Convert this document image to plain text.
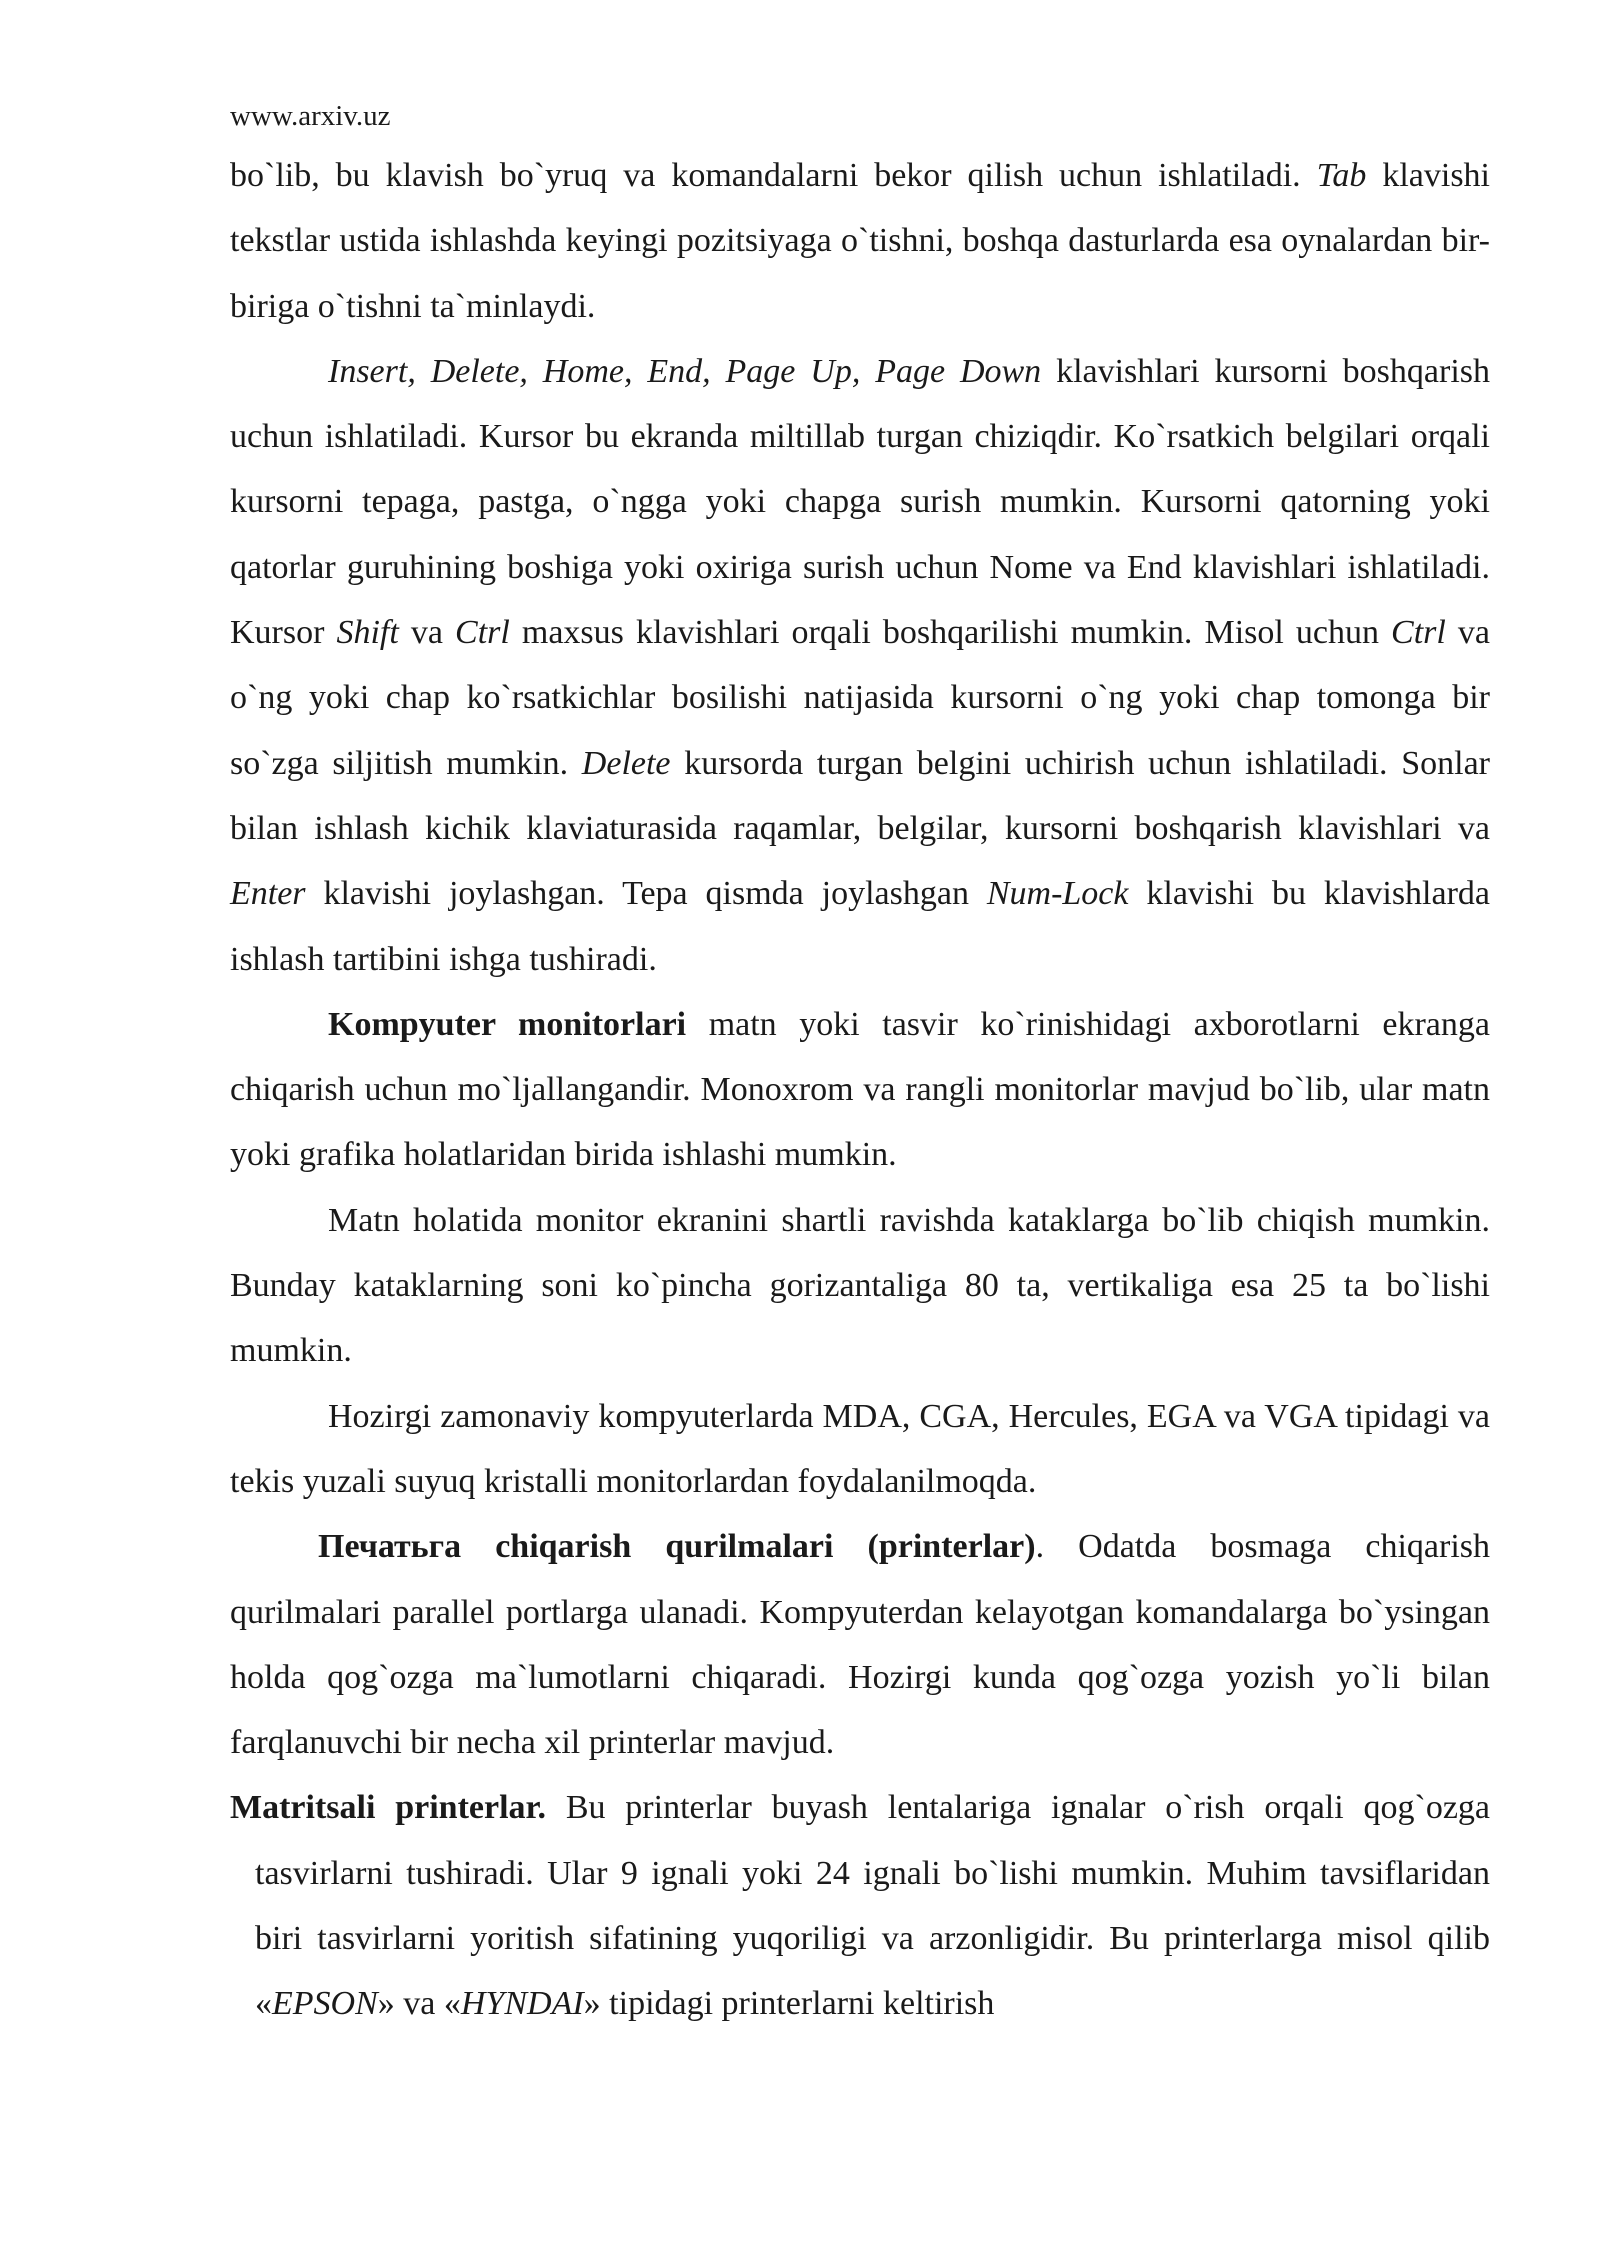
www.arxiv.uz

bo`lib, bu klavish bo`yruq va komandalarni bekor qilish uchun ishlatiladi. Tab klavishi tekstlar ustida ishlashda keyingi pozitsiyaga o`tishni, boshqa dasturlarda esa oynalardan bir-biriga o`tishni ta`minlaydi.

Insert, Delete, Home, End, Page Up, Page Down klavishlari kursorni boshqarish uchun ishlatiladi. Kursor bu ekranda miltillab turgan chiziqdir. Ko`rsatkich belgilari orqali kursorni tepaga, pastga, o`ngga yoki chapga surish mumkin. Kursorni qatorning yoki qatorlar guruhining boshiga yoki oxiriga surish uchun Nome va End klavishlari ishlatiladi. Kursor Shift va Ctrl maxsus klavishlari orqali boshqarilishi mumkin. Misol uchun Ctrl va o`ng yoki chap ko`rsatkichlar bosilishi natijasida kursorni o`ng yoki chap tomonga bir so`zga siljitish mumkin. Delete kursorda turgan belgini uchirish uchun ishlatiladi. Sonlar bilan ishlash kichik klaviaturasida raqamlar, belgilar, kursorni boshqarish klavishlari va Enter klavishi joylashgan. Tepa qismda joylashgan Num-Lock klavishi bu klavishlarda ishlash tartibini ishga tushiradi.

Kompyuter monitorlari matn yoki tasvir ko`rinishidagi axborotlarni ekranga chiqarish uchun mo`ljallangandir. Monoxrom va rangli monitorlar mavjud bo`lib, ular matn yoki grafika holatlaridan birida ishlashi mumkin.

Matn holatida monitor ekranini shartli ravishda kataklarga bo`lib chiqish mumkin. Bunday kataklarning soni ko`pincha gorizantaliga 80 ta, vertikaliga esa 25 ta bo`lishi mumkin.

Hozirgi zamonaviy kompyuterlarda MDA, CGA, Hercules, EGA va VGA tipidagi va tekis yuzali suyuq kristalli monitorlardan foydalanilmoqda.

Печатьга chiqarish qurilmalari (printerlar). Odatda bosmaga chiqarish qurilmalari parallel portlarga ulanadi. Kompyuterdan kelayotgan komandalarga bo`ysingan holda qog`ozga ma`lumotlarni chiqaradi. Hozirgi kunda qog`ozga yozish yo`li bilan farqlanuvchi bir necha xil printerlar mavjud.

Matritsali printerlar. Bu printerlar buyash lentalariga ignalar o`rish orqali qog`ozga tasvirlarni tushiradi. Ular 9 ignali yoki 24 ignali bo`lishi mumkin. Muhim tavsiflaridan biri tasvirlarni yoritish sifatining yuqoriligi va arzonligidir. Bu printerlarga misol qilib «EPSON» va «HYNDAI» tipidagi printerlarni keltirish
